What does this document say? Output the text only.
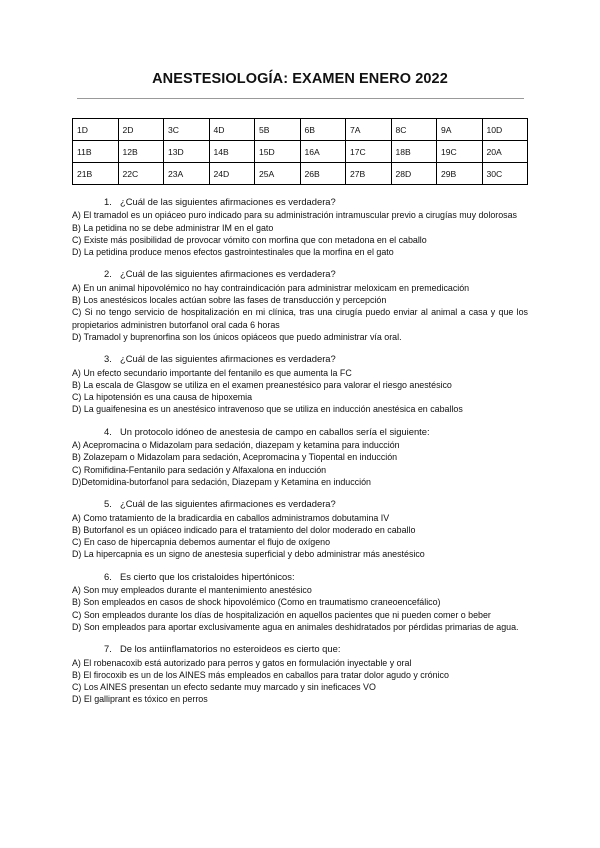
ANESTESIOLOGÍA: EXAMEN ENERO 2022
1D	2D	3C	4D	5B	6B	7A	8C	9A	10D
11B	12B	13D	14B	15D	16A	17C	18B	19C	20A
21B	22C	23A	24D	25A	26B	27B	28D	29B	30C
1. ¿Cuál de las siguientes afirmaciones es verdadera?
A) El tramadol es un opiáceo puro indicado para su administración intramuscular previo a cirugías muy dolorosas
B) La petidina no se debe administrar IM en el gato
C) Existe más posibilidad de provocar vómito con morfina que con metadona en el caballo
D) La petidina produce menos efectos gastrointestinales que la morfina en el gato
2. ¿Cuál de las siguientes afirmaciones es verdadera?
A) En un animal hipovolémico no hay contraindicación para administrar meloxicam en premedicación
B) Los anestésicos locales actúan sobre las fases de transducción y percepción
C) Si no tengo servicio de hospitalización en mi clínica, tras una cirugía puedo enviar al animal a casa y que los propietarios administren butorfanol oral cada 6 horas
D) Tramadol y buprenorfina son los únicos opiáceos que puedo administrar vía oral.
3. ¿Cuál de las siguientes afirmaciones es verdadera?
A) Un efecto secundario importante del fentanilo es que aumenta la FC
B) La escala de Glasgow se utiliza en el examen preanestésico para valorar el riesgo anestésico
C) La hipotensión es una causa de hipoxemia
D) La guaifenesina es un anestésico intravenoso que se utiliza en inducción anestésica en caballos
4. Un protocolo idóneo de anestesia de campo en caballos sería el siguiente:
A) Acepromacina o Midazolam para sedación, diazepam y ketamina para inducción
B) Zolazepam o Midazolam para sedación, Acepromacina y Tiopental en inducción
C) Romifidina-Fentanilo para sedación y Alfaxalona en inducción
D)Detomidina-butorfanol para sedación, Diazepam y Ketamina en inducción
5. ¿Cuál de las siguientes afirmaciones es verdadera?
A) Como tratamiento de la bradicardia en caballos administramos dobutamina IV
B) Butorfanol es un opiáceo indicado para el tratamiento del dolor moderado en caballo
C) En caso de hipercapnia debemos aumentar el flujo de oxígeno
D) La hipercapnia es un signo de anestesia superficial y debo administrar más anestésico
6. Es cierto que los cristaloides hipertónicos:
A) Son muy empleados durante el mantenimiento anestésico
B) Son empleados en casos de shock hipovolémico (Como en traumatismo craneoencefálico)
C) Son empleados durante los días de hospitalización en aquellos pacientes que ni pueden comer o beber
D) Son empleados para aportar exclusivamente agua en animales deshidratados por pérdidas primarias de agua.
7. De los antiinflamatorios no esteroideos es cierto que:
A) El robenacoxib está autorizado para perros y gatos en formulación inyectable y oral
B) El firocoxib es un de los AINES más empleados en caballos para tratar dolor agudo y crónico
C) Los AINES presentan un efecto sedante muy marcado y sin ineficaces VO
D) El galliprant es tóxico en perros
